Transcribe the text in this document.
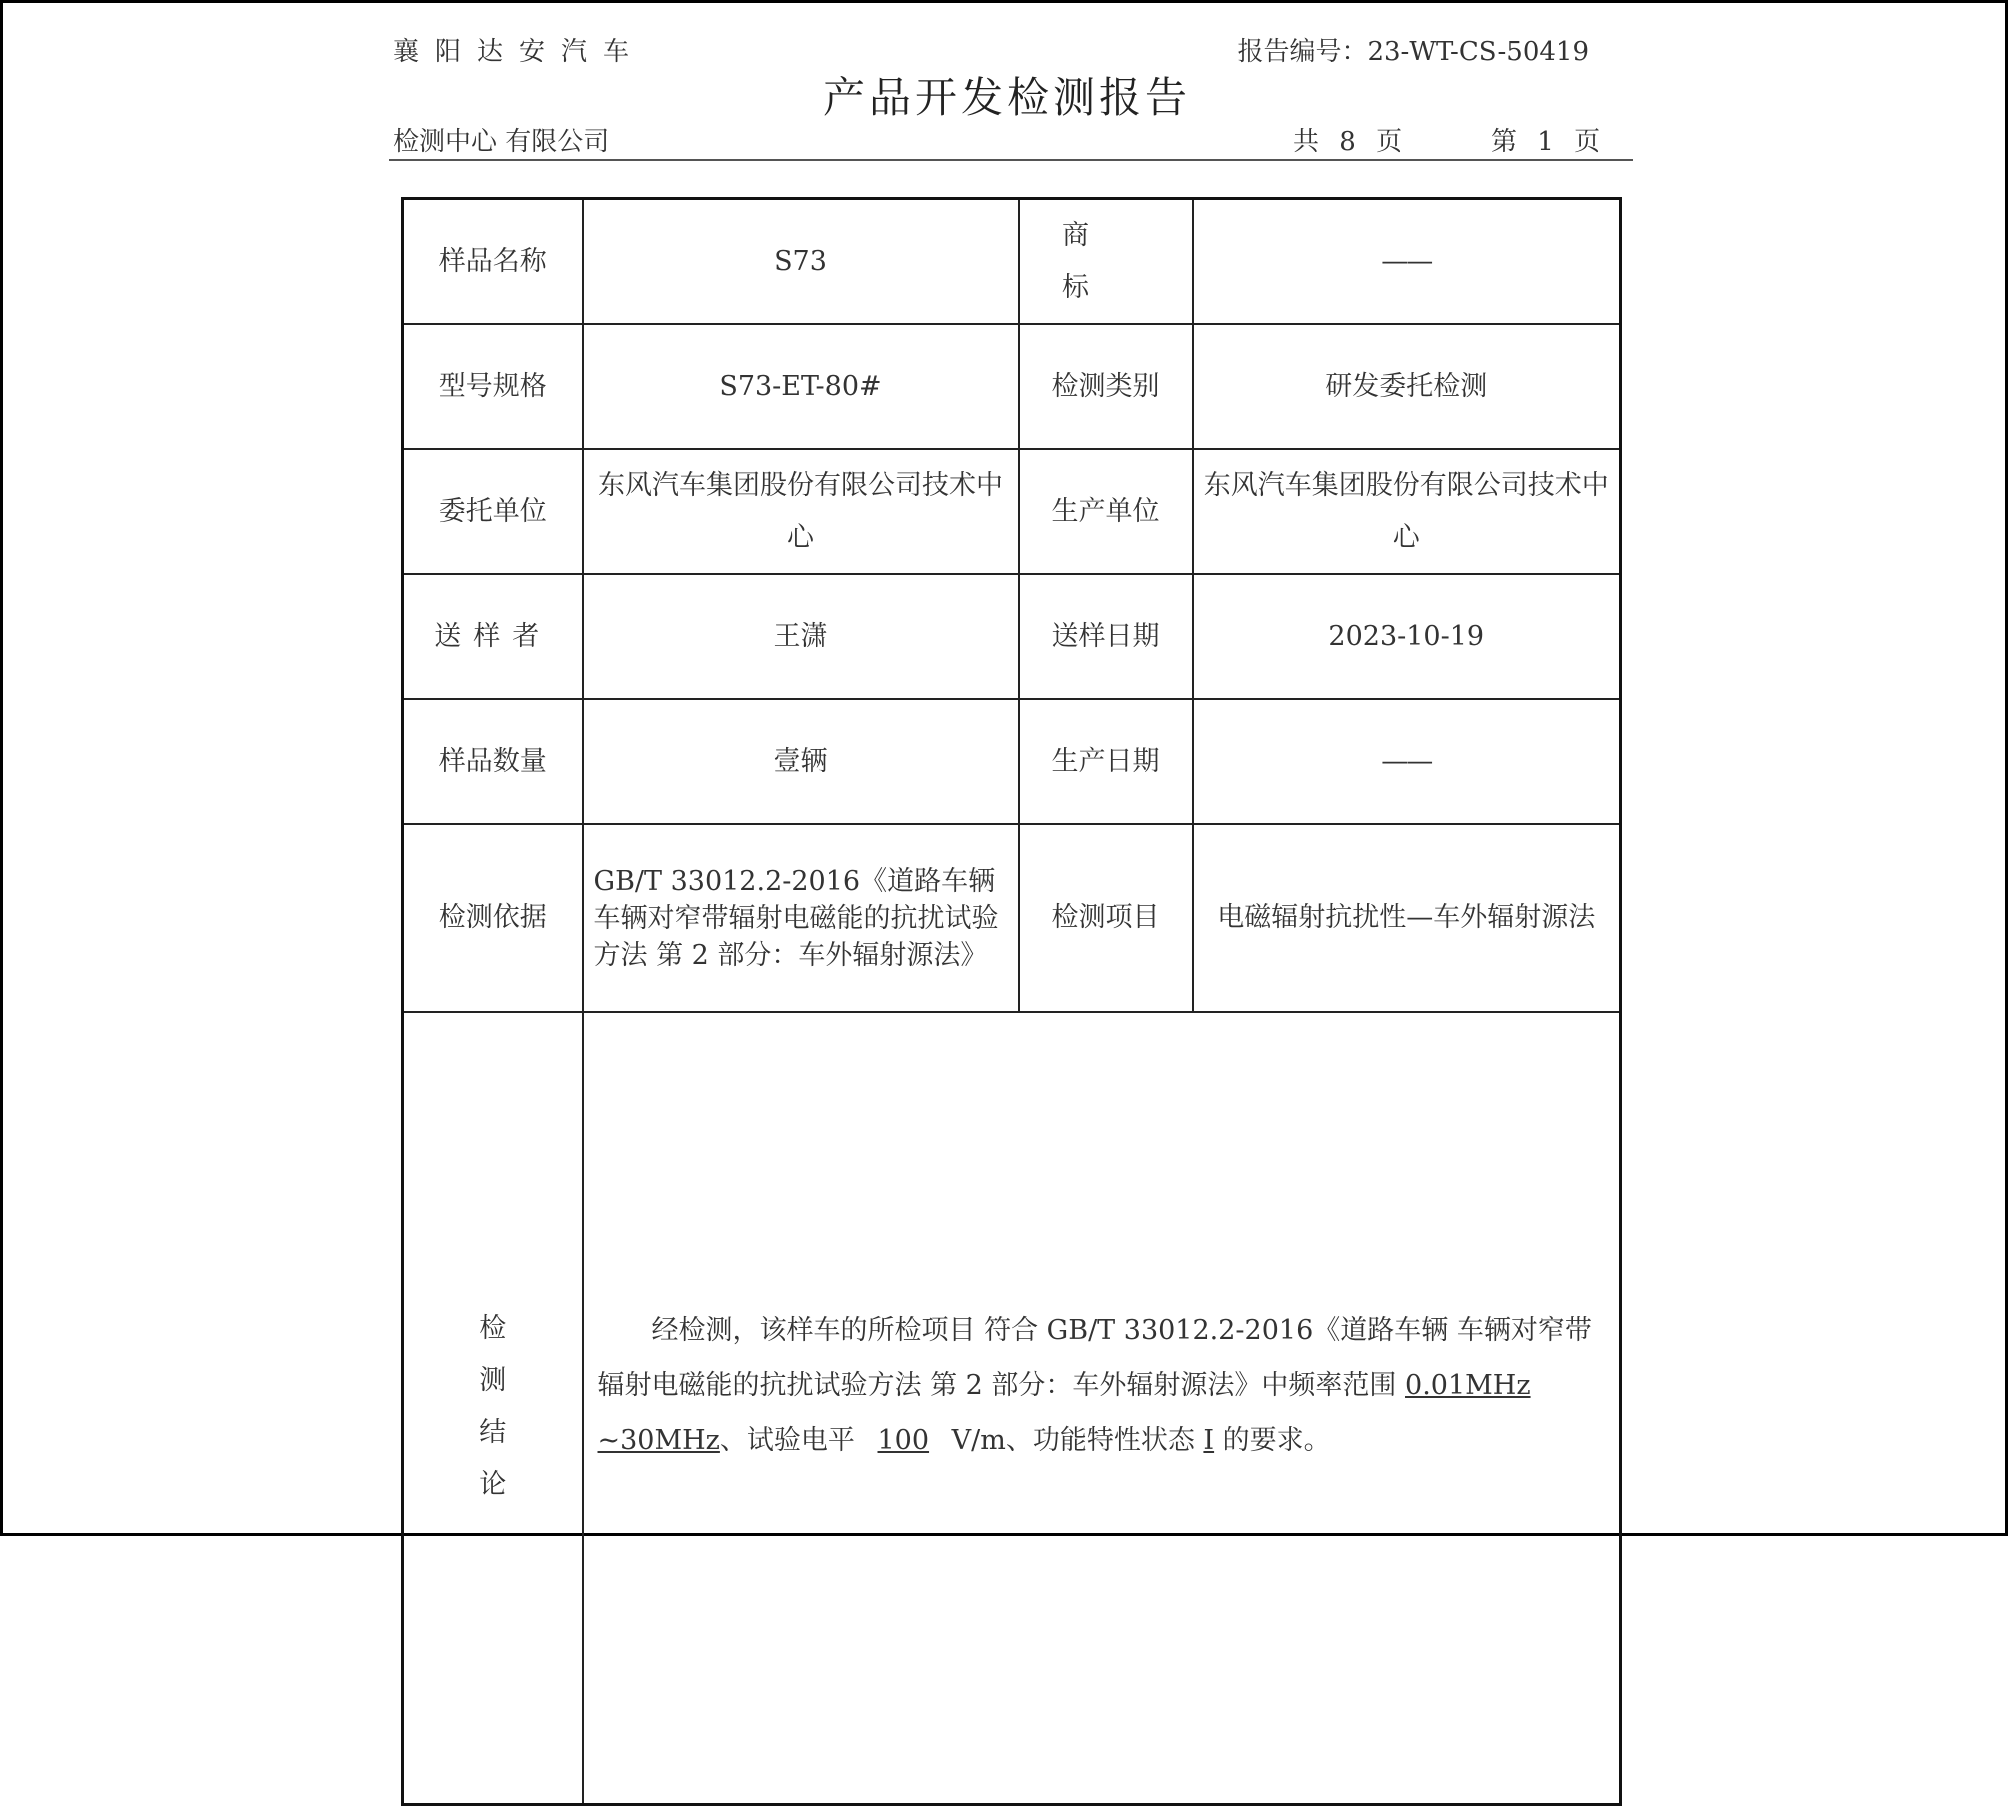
襄阳达安汽车	报告编号：23-WT-CS-50419
产品开发检测报告
检测中心 有限公司	共 8 页	第 1 页
样品名称	S73	商标	——
型号规格	S73-ET-80#	检测类别	研发委托检测
委托单位	东风汽车集团股份有限公司技术中心	生产单位	东风汽车集团股份有限公司技术中心
送样者	王潇	送样日期	2023-10-19
样品数量	壹辆	生产日期	——
检测依据	GB/T 33012.2-2016《道路车辆 车辆对窄带辐射电磁能的抗扰试验方法 第 2 部分：车外辐射源法》	检测项目	电磁辐射抗扰性—车外辐射源法

检
测
结
论	经检测，该样车的所检项目 符合 GB/T 33012.2-2016《道路车辆 车辆对窄带辐射电磁能的抗扰试验方法 第 2 部分：车外辐射源法》中频率范围 0.01MHz ~30MHz、试验电平 100 V/m、功能特性状态 I 的要求。		
